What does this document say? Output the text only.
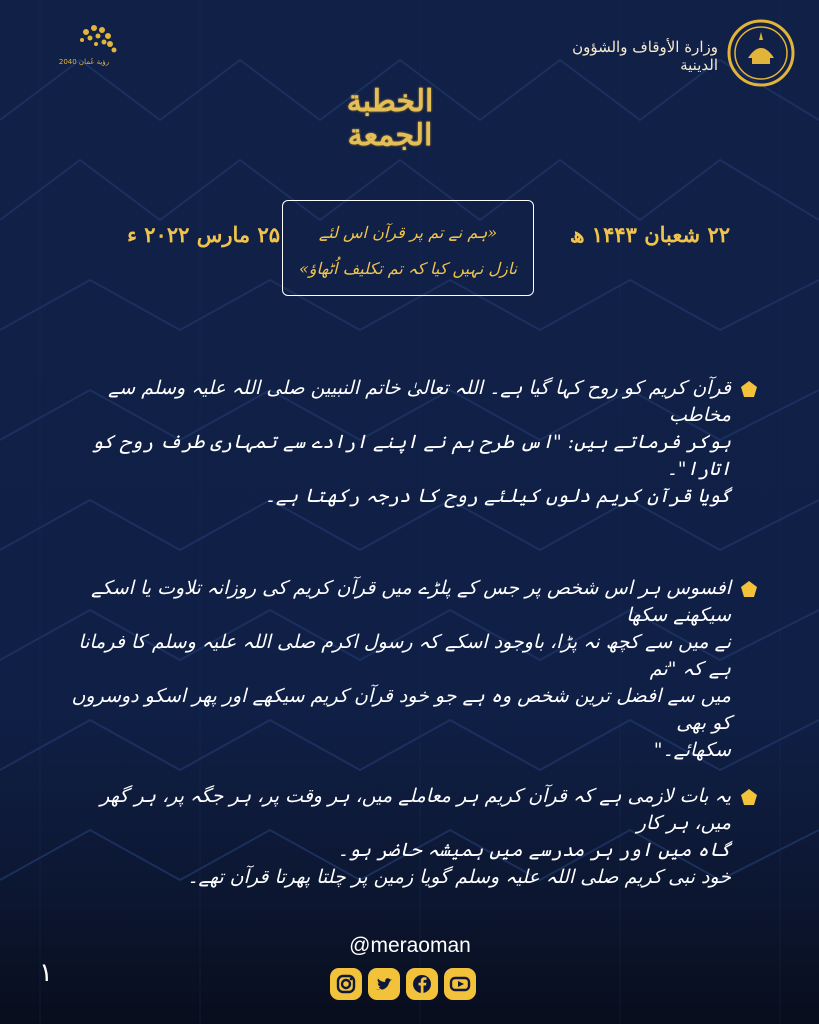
رؤية عُمان 2040
وزارة الأوقاف والشؤون الدينية
الخطبة الجمعة
۲۲ شعبان ۱۴۴۳ ھ
«ہم نے تم پر قرآن اس لئے
نازل نہیں کیا کہ تم تکلیف اُٹھاؤ»
۲۵ مارس ۲۰۲۲ ء
قرآن کریم کو روح کہا گیا ہے۔ اللہ تعالیٰ خاتم النبیین صلی اللہ علیہ وسلم سے مخاطب
ہوکر فرماتے ہیں: "اس طرح ہم نے اپنے ارادے سے تمہاری طرف روح کو اتارا"۔
گویا قرآن کریم دلوں کیلئے روح کا درجہ رکھتا ہے۔
افسوس ہر اس شخص پر جس کے پلڑے میں قرآن کریم کی روزانہ تلاوت یا اسکے سیکھنے سکھا
نے میں سے کچھ نہ پڑا، باوجود اسکے کہ رسول اکرم صلی اللہ علیہ وسلم کا فرمانا ہے کہ "تم
میں سے افضل ترین شخص وہ ہے جو خود قرآن کریم سیکھے اور پھر اسکو دوسروں کو بھی
سکھائے۔"
یہ بات لازمی ہے کہ قرآن کریم ہر معاملے میں، ہر وقت پر، ہر جگہ پر، ہر گھر میں، ہر کار
گاہ میں اور ہر مدرسے میں ہمیشہ حاضر ہو۔
خود نبی کریم صلی اللہ علیہ وسلم گویا زمین پر چلتا پھرتا قرآن تھے۔
۱
@meraoman
